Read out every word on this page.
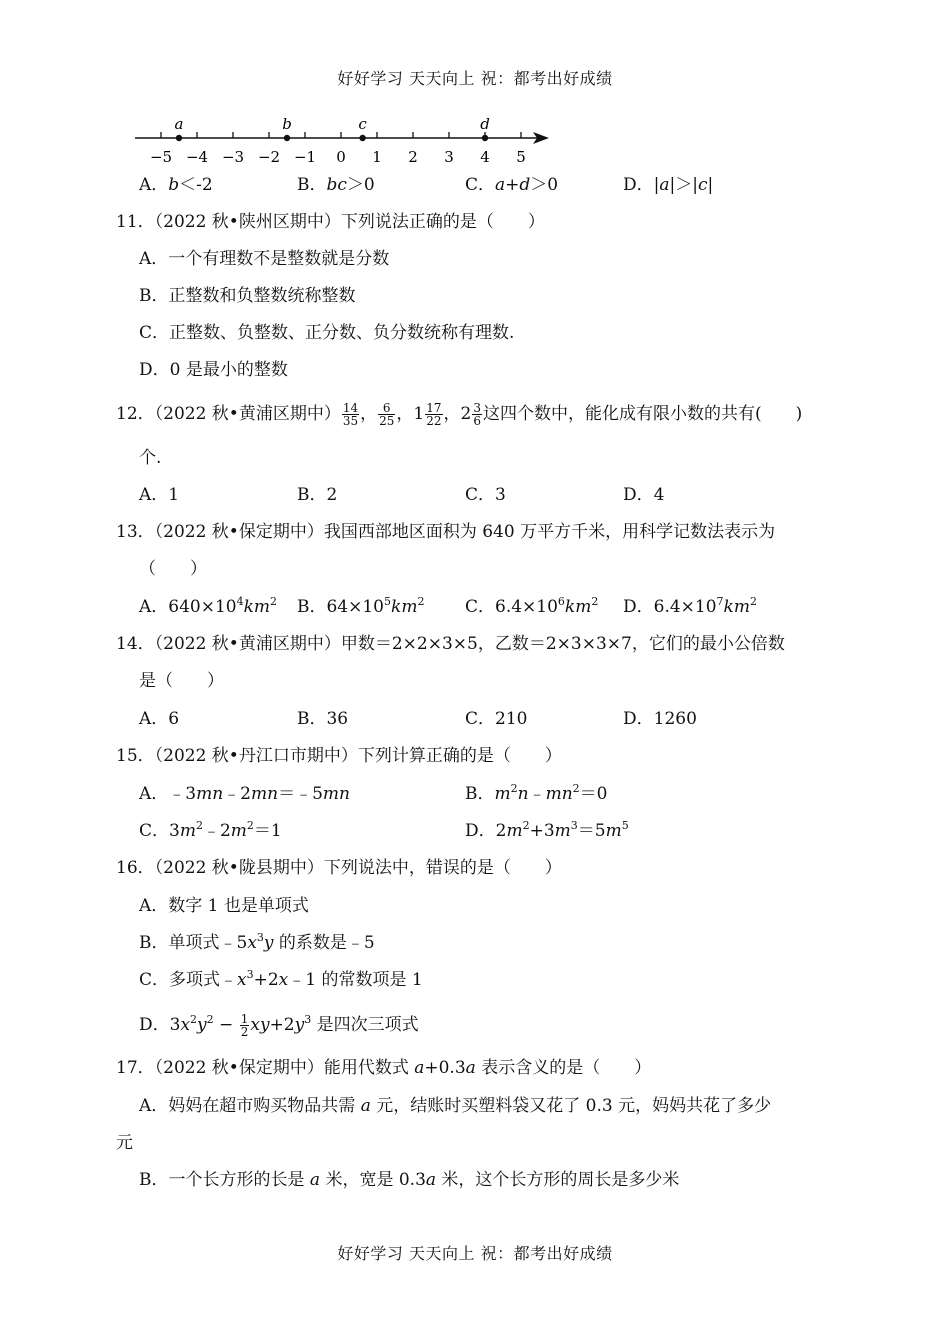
好好学习 天天向上 祝：都考出好成绩
−5 −4 −3 −2 −1 0 1 2 3 4 5
a	b	c	d
A．b＜-2	B．bc＞0	C．a+d＞0	D．|a|＞|c|
11．（2022 秋•陕州区期中）下列说法正确的是（　　）
A．一个有理数不是整数就是分数
B．正整数和负整数统称整数
C．正整数、负整数、正分数、负分数统称有理数.
D．0 是最小的整数
12．（2022 秋•黄浦区期中） $\frac{14}{35}$ ， $\frac{6}{25}$ ，$1 \frac{17}{22}$ ，$2 \frac{3}{6}$ 这四个数中，能化成有限小数的共有(　　)
个.
A．1	B．2	C．3	D．4
13．（2022 秋•保定期中）我国西部地区面积为 640 万平方千米，用科学记数法表示为
（　　）
A．$640\times 10^4km^2$ B．$64\times 10^5km^2$ C．$6.4\times 10^6km^2$ D．$6.4\times 10^7km^2$
14．（2022 秋•黄浦区期中）甲数＝2×2×3×5，乙数＝2×3×3×7，它们的最小公倍数
是（　　）
A．6	B．36	C．210	D．1260
15．（2022 秋•丹江口市期中）下列计算正确的是（　　）
A．﹣3mn﹣2mn＝﹣5mn	B．$m^2n﹣mn^2=0$
C．$3m^2﹣2m^2=1$	D．$2m^2+3m^3=5m^5$
16．（2022 秋•陇县期中）下列说法中，错误的是（　　）
A．数字 1 也是单项式
B．单项式$﹣5x^3y$ 的系数是﹣5
C．多项式$﹣x^3+2x﹣1$ 的常数项是 1
D．$3x^2y^2 - \frac{1}{2} xy+2y^3$ 是四次三项式
17．（2022 秋•保定期中）能用代数式 a+0.3a 表示含义的是（　　）
A．妈妈在超市购买物品共需 a 元，结账时买塑料袋又花了 0.3 元，妈妈共花了多少
元
B．一个长方形的长是 a 米，宽是 0.3a 米，这个长方形的周长是多少米
好好学习 天天向上 祝：都考出好成绩
